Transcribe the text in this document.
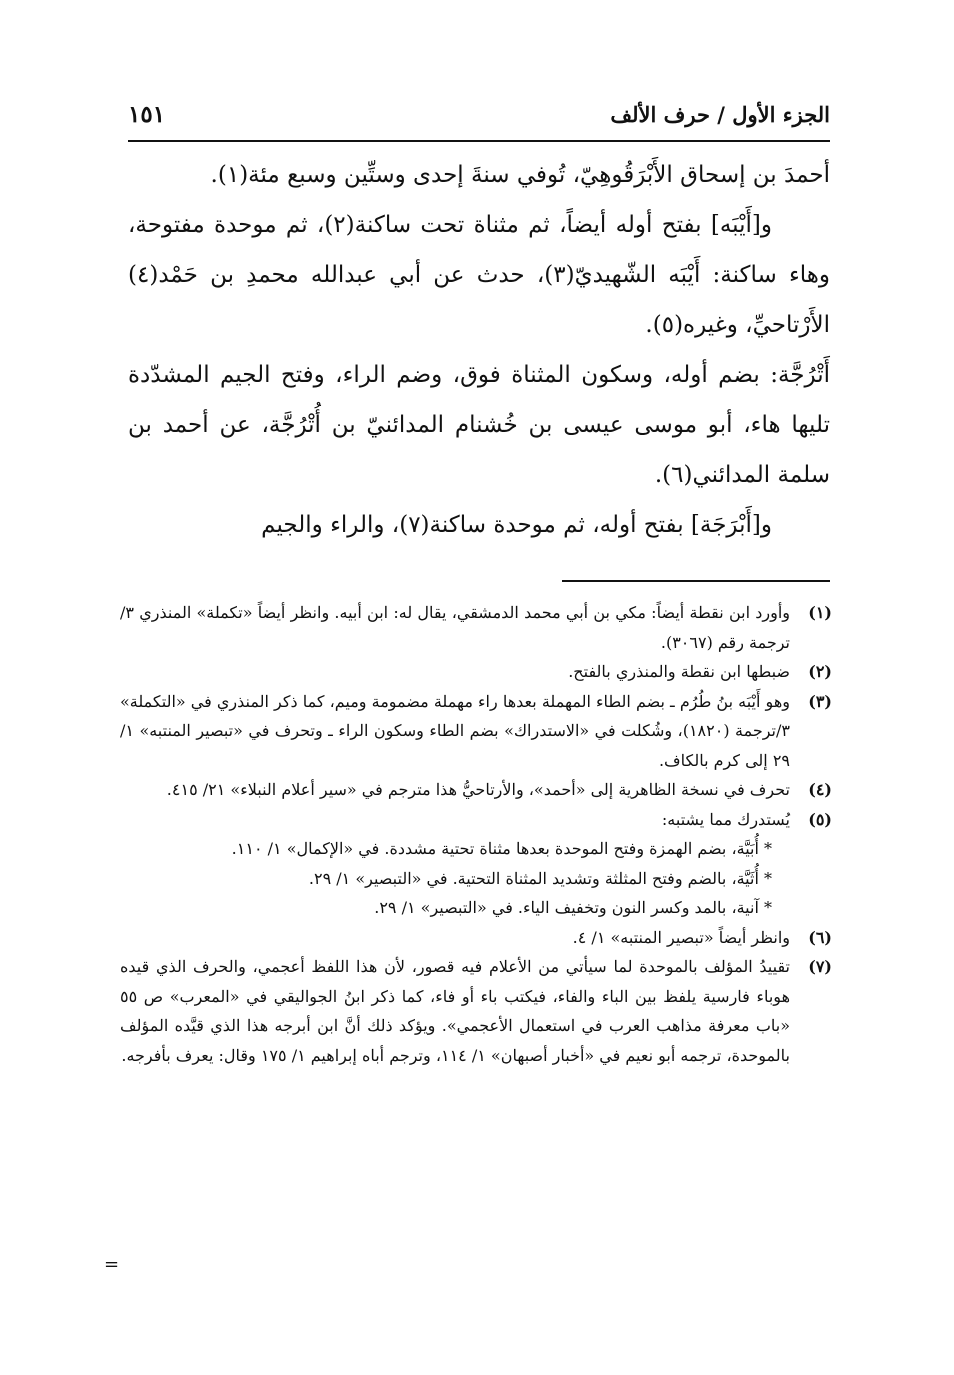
الجزء الأول / حرف الألف
١٥١

أحمدَ بن إسحاق الأَبْرَقُوهِيّ، تُوفي سنةَ إحدى وستِّين وسبع مئة(١).

و[أَيْبَه] بفتح أوله أيضاً، ثم مثناة تحت ساكنة(٢)، ثم موحدة مفتوحة، وهاء ساكنة: أَيْبَه الشّهيديّ(٣)، حدث عن أبي عبدالله محمدِ بن حَمْد(٤) الأَرْتاحيِّ، وغيره(٥).

أَتْرُجَّة: بضم أوله، وسكون المثناة فوق، وضم الراء، وفتح الجيم المشدّدة تليها هاء، أبو موسى عيسى بن خُشنام المدائنيّ بن أُتْرُجَّة، عن أحمد بن سلمة المدائني(٦).

و[أَبْرَجَة] بفتح أوله، ثم موحدة ساكنة(٧)، والراء والجيم

(١)
وأورد ابن نقطة أيضاً: مكي بن أبي محمد الدمشقي، يقال له: ابن أبيه. وانظر أيضاً «تكملة» المنذري ٣/ترجمة رقم (٣٠٦٧).
(٢)
ضبطها ابن نقطة والمنذري بالفتح.
(٣)
وهو أَيْبَه بنُ طُرُم ـ بضم الطاء المهملة بعدها راء مهملة مضمومة وميم، كما ذكر المنذري في «التكملة» ٣/ترجمة (١٨٢٠)، وشُكلت في «الاستدراك» بضم الطاء وسكون الراء ـ وتحرف في «تبصير المنتبه» ١/ ٢٩ إلى كرم بالكاف.
(٤)
تحرف في نسخة الظاهرية إلى «أحمد»، والأرتاحيُّ هذا مترجم في «سير أعلام النبلاء» ٢١/ ٤١٥.
(٥)
يُستدرك مما يشتبه:
* أُبَيَّة، بضم الهمزة وفتح الموحدة بعدها مثناة تحتية مشددة. في «الإكمال» ١/ ١١٠.
* أُثَيَّة، بالضم وفتح المثلثة وتشديد المثناة التحتية. في «التبصير» ١/ ٢٩.
* آنية، بالمد وكسر النون وتخفيف الياء. في «التبصير» ١/ ٢٩.
(٦)
وانظر أيضاً «تبصير المنتبه» ١/ ٤.
(٧)
تقييدُ المؤلف بالموحدة لما سيأتي من الأعلام فيه قصور، لأن هذا اللفظ أعجمي، والحرف الذي قيده هوباء فارسية يلفظ بين الباء والفاء، فيكتب باء أو فاء، كما ذكر ابنُ الجواليقي في «المعرب» ص ٥٥ «باب معرفة مذاهب العرب في استعمال الأعجمي». ويؤكد ذلك أنَّ ابن أبرجه هذا الذي قيَّده المؤلف بالموحدة، ترجمه أبو نعيم في «أخبار أصبهان» ١/ ١١٤، وترجم أباه إبراهيم ١/ ١٧٥ وقال: يعرف بأفرجه.
=
